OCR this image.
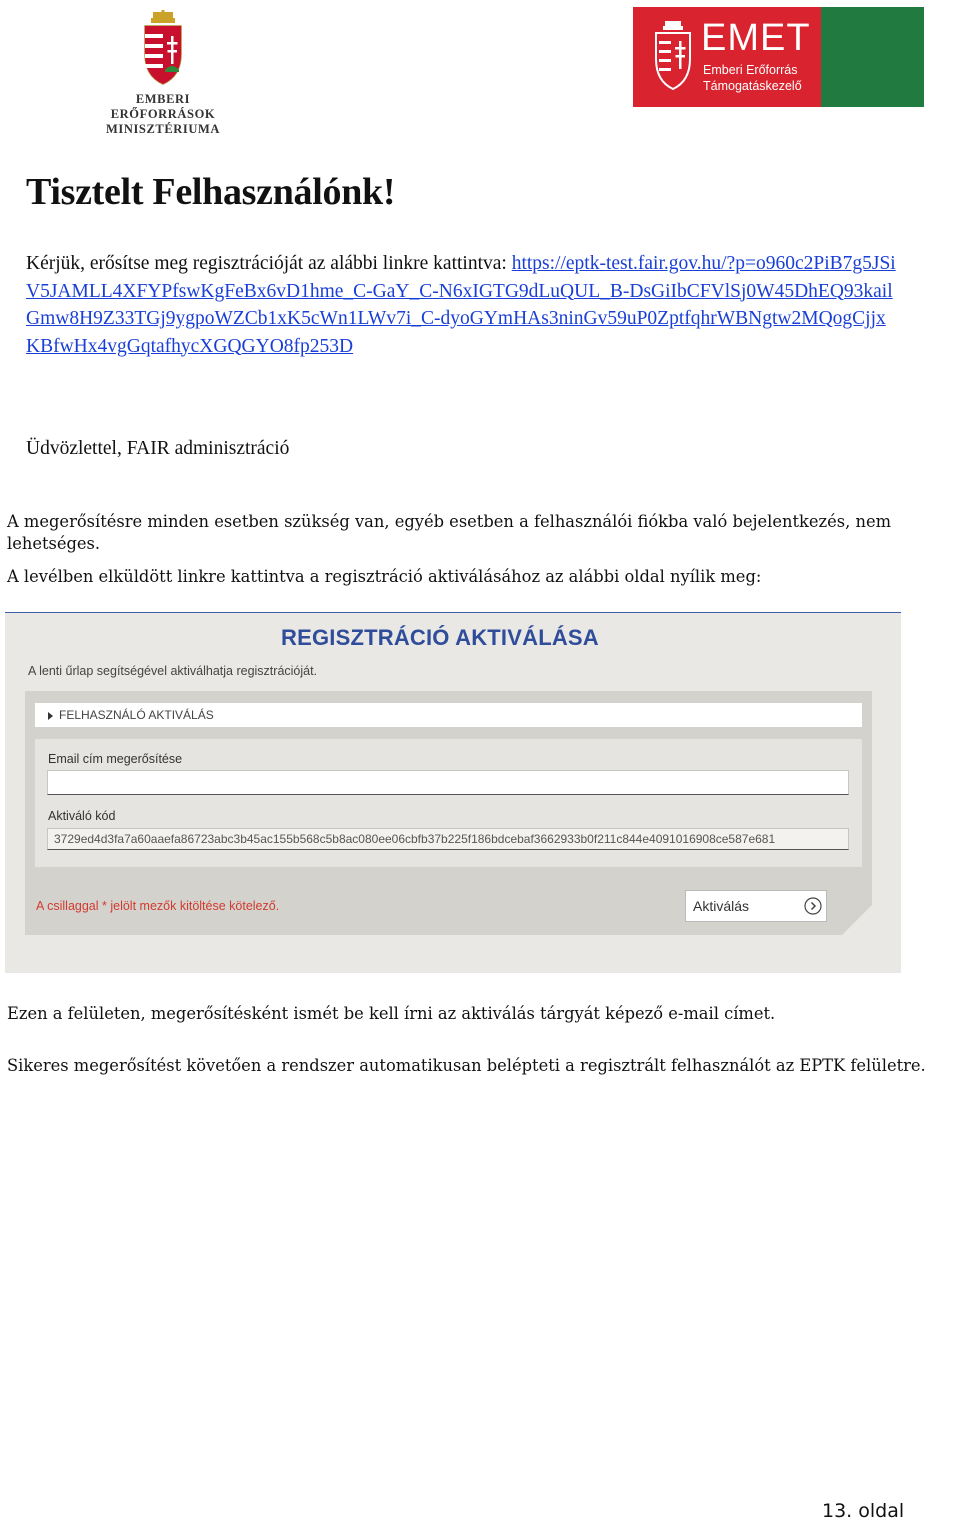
EMBERI ERŐFORRÁSOK
MINISZTÉRIUMA
EMET
Emberi Erőforrás
Támogatáskezelő
Tisztelt Felhasználónk!
Kérjük, erősítse meg regisztrációját az alábbi linkre kattintva: https://eptk-test.fair.gov.hu/?p=o960c2PiB7g5JSiV5JAMLL4XFYPfswKgFeBx6vD1hme_C-GaY_C-N6xIGTG9dLuQUL_B-DsGiIbCFVlSj0W45DhEQ93kailGmw8H9Z33TGj9ygpoWZCb1xK5cWn1LWv7i_C-dyoGYmHAs3ninGv59uP0ZptfqhrWBNgtw2MQogCjjxKBfwHx4vgGqtafhycXGQGYO8fp253D
Üdvözlettel, FAIR adminisztráció
A megerősítésre minden esetben szükség van, egyéb esetben a felhasználói fiókba való bejelentkezés, nem lehetséges.
A levélben elküldött linkre kattintva a regisztráció aktiválásához az alábbi oldal nyílik meg:
REGISZTRÁCIÓ AKTIVÁLÁSA
A lenti űrlap segítségével aktiválhatja regisztrációját.
FELHASZNÁLÓ AKTIVÁLÁS
Email cím megerősítése
Aktiváló kód
3729ed4d3fa7a60aaefa86723abc3b45ac155b568c5b8ac080ee06cbfb37b225f186bdcebaf3662933b0f211c844e4091016908ce587e681
A csillaggal * jelölt mezők kitöltése kötelező.	Aktiválás
Ezen a felületen, megerősítésként ismét be kell írni az aktiválás tárgyát képező e-mail címet.
Sikeres megerősítést követően a rendszer automatikusan belépteti a regisztrált felhasználót az EPTK felületre.
13. oldal
